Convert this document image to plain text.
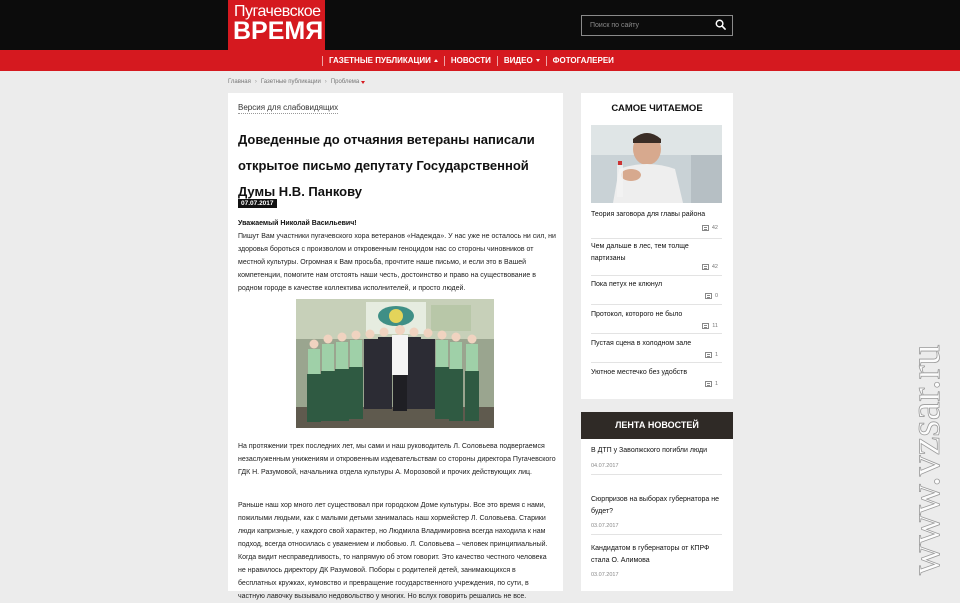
Пугачевское
ВРЕМЯ
Поиск по сайту
ГАЗЕТНЫЕ ПУБЛИКАЦИИ	НОВОСТИ ВИДЕО	ФОТОГАЛЕРЕИ
Главная › Газетные публикации › Проблема
Версия для слабовидящих
Доведенные до отчаяния ветераны написали открытое письмо депутату Государственной Думы Н.В. Панкову
07.07.2017
Уважаемый Николай Васильевич!
Пишут Вам участники пугачевского хора ветеранов «Надежда». У нас уже не осталось ни сил, ни здоровья бороться с произволом и откровенным геноцидом нас со стороны чиновников от местной культуры. Огромная к Вам просьба, прочтите наше письмо, и если это в Вашей компетенции, помогите нам отстоять наши честь, достоинство и право на существование в родном городе в качестве коллектива исполнителей, и просто людей.
На протяжении трех последних лет, мы сами и наш руководитель Л. Соловьева подвергаемся незаслуженным унижениям и откровенным издевательствам со стороны директора Пугачевского ГДК Н. Разумовой, начальника отдела культуры А. Морозовой и прочих действующих лиц.
Раньше наш хор много лет существовал при городском Доме культуры. Все это время с нами, пожилыми людьми, как с малыми детьми занималась наш хормейстер Л. Соловьева. Старики люди капризные, у каждого свой характер, но Людмила Владимировна всегда находила к нам подход, всегда относилась с уважением и любовью. Л. Соловьева – человек принципиальный. Когда видит несправедливость, то напрямую об этом говорит. Это качество честного человека не нравилось директору ДК Разумовой. Поборы с родителей детей, занимающихся в бесплатных кружках, кумовство и превращение государственного учреждения, по сути, в частную лавочку вызывало недовольство у многих. Но вслух говорить решались не все.
САМОЕ ЧИТАЕМОЕ
Теория заговора для главы района
42
Чем дальше в лес, тем толще партизаны
42
Пока петух не клюнул
0
Протокол, которого не было
11
Пустая сцена в холодном зале
1
Уютное местечко без удобств
1
ЛЕНТА НОВОСТЕЙ
В ДТП у Заволжского погибли люди
04.07.2017
Сюрпризов на выборах губернатора не будет?
03.07.2017
Кандидатом в губернаторы от КПРФ стала О. Алимова
03.07.2017	www.vzsar.ru
